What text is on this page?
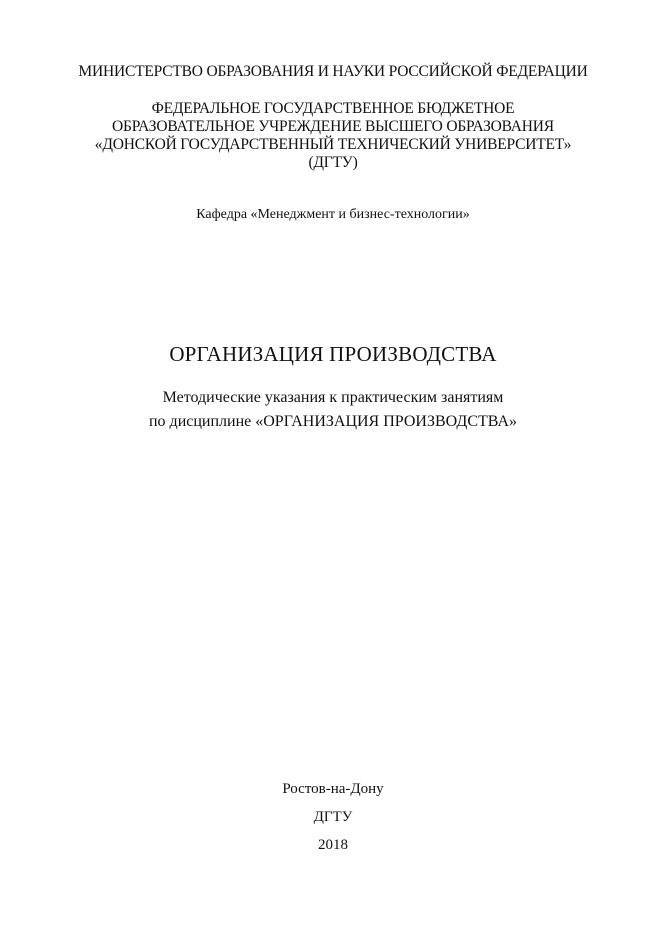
МИНИСТЕРСТВО ОБРАЗОВАНИЯ И НАУКИ РОССИЙСКОЙ ФЕДЕРАЦИИ
ФЕДЕРАЛЬНОЕ ГОСУДАРСТВЕННОЕ БЮДЖЕТНОЕ
ОБРАЗОВАТЕЛЬНОЕ УЧРЕЖДЕНИЕ ВЫСШЕГО ОБРАЗОВАНИЯ
«ДОНСКОЙ ГОСУДАРСТВЕННЫЙ ТЕХНИЧЕСКИЙ УНИВЕРСИТЕТ»
(ДГТУ)
Кафедра «Менеджмент и бизнес-технологии»
ОРГАНИЗАЦИЯ ПРОИЗВОДСТВА
Методические указания к практическим занятиям
по дисциплине «ОРГАНИЗАЦИЯ ПРОИЗВОДСТВА»
Ростов-на-Дону
ДГТУ
2018
